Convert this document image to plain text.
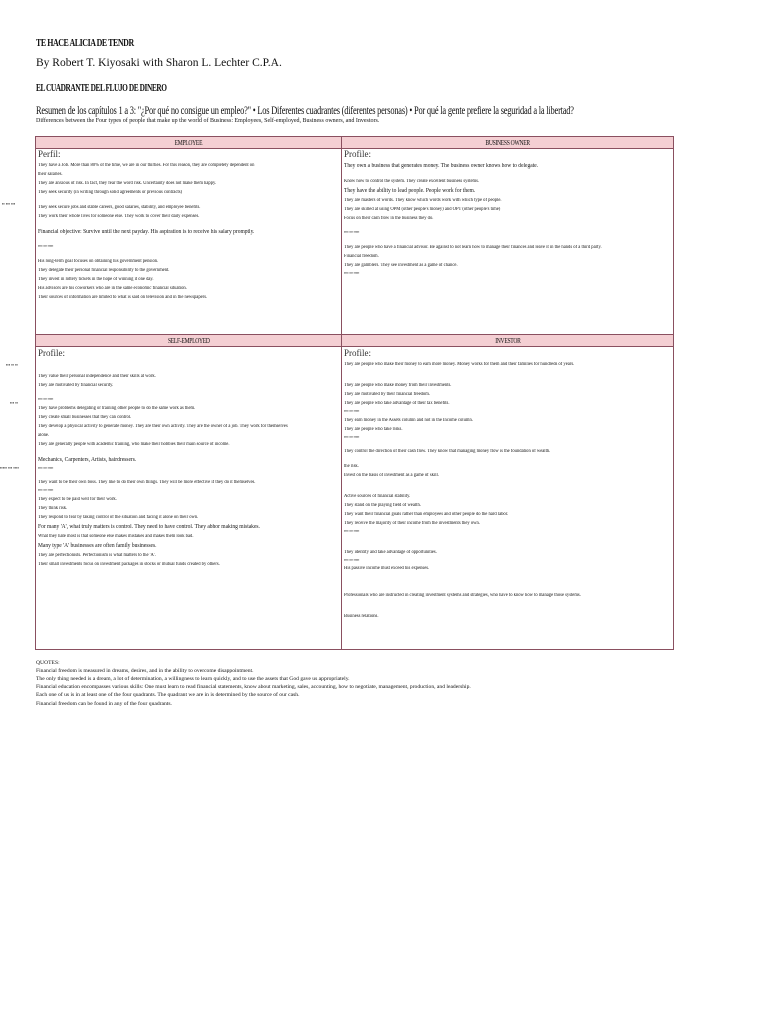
TE HACE ALICIA DE TENDR
By Robert T. Kiyosaki with Sharon L. Lechter C.P.A.
EL CUADRANTE DEL FLUJO DE DINERO
Resumen de los capítulos 1 a 3: "¿Por qué no consigue un empleo?" • Los Diferentes cuadrantes (diferentes personas) • Por qué la gente prefiere la seguridad a la libertad?
Differences between the Four types of people that make up the world of Business: Employees, Self-employed, Business owners, and Investors.
▪▪ ▪▪▪ ▪▪▪
▪▪▪ ▪▪ ▪▪
▪▪▪ ▪▪
▪▪▪▪▪ ▪▪▪ ▪▪▪▪
EMPLOYEE	BUSINESS OWNER
SELF-EMPLOYED	INVESTOR
Perfil:
They have a Job. More than 80% of the time, we are in our thirties. For this reason, they are completely dependent on
their salaries.
They are anxious of risk. In fact, they fear the word risk. Uncertainty does not make them happy.
They seek security (in writing through solid agreements or previous contracts)
They seek secure jobs and stable careers, good salaries, stability, and employee benefits.
They work their whole lives for someone else. They work to cover their daily expenses.
Financial objective: Survive until the next payday. His aspiration is to receive his salary promptly.
▪▪▪▪ ▪▪▪ ▪▪▪▪▪
His long-term goal focuses on obtaining his government pension.
They delegate their personal financial responsibility to the government.
They invest in lottery tickets in the hope of winning it one day.
His advisors are his coworkers who are in the same economic financial situation.
Their sources of information are limited to what is said on television and in the newspapers.
Profile:
They own a business that generates money. The business owner knows how to delegate.
Know how to control the system. They create excellent business systems.
They have the ability to lead people. People work for them.
They are masters of words. They know which words work with which type of people.
They are skilled at using OPM (other people's money) and OPT (other people's time)
Focus on their cash flow in the business they do.
▪▪▪▪ ▪▪▪ ▪▪▪▪▪
They are people who have a financial advisor. Be against to not learn how to manage their finances and leave it in the hands of a third party.
Financial freedom.
They are gamblers. They see investment as a game of chance.
▪▪▪▪ ▪▪▪ ▪▪▪▪▪
Profile:
They value their personal independence and their skills at work.
They are motivated by financial security.
▪▪▪▪ ▪▪▪ ▪▪▪▪▪
They have problems delegating or training other people to do the same work as them.
They create small businesses that they can control.
They develop a physical activity to generate money. They are their own activity. They are the owner of a job. They work for themselves
alone.
They are generally people with academic training, who make their hobbies their main source of income.
Mechanics, Carpenters, Artists, hairdressers.
▪▪▪▪ ▪▪▪ ▪▪▪▪▪
They want to be their own boss. They like to do their own things. They will be more effective if they do it themselves.
▪▪▪▪ ▪▪▪ ▪▪▪▪▪
They expect to be paid well for their work.
They think risk.
They respond to fear by taking control of the situation and facing it alone on their own.
For many 'A', what truly matters is control. They need to have control. They abhor making mistakes.
What they hate most is that someone else makes mistakes and makes them look bad.
Many type 'A' businesses are often family businesses.
They are perfectionists. Perfectionism is what matters to the 'A'.
Their small investments focus on investment packages in stocks or mutual funds created by others.
Profile:
They are people who make their money to earn more money. Money works for them and their families for hundreds of years.
They are people who make money from their investments.
They are motivated by their financial freedom.
They are people who take advantage of their tax benefits.
▪▪▪▪ ▪▪▪ ▪▪▪▪▪
They earn money in the Assets column and not in the Income column.
They are people who take risks.
▪▪▪▪ ▪▪▪ ▪▪▪▪▪
They control the direction of their cash flow. They know that managing money flow is the foundation of wealth.
the risk.
Invest on the basis of investment as a game of skill.
Active sources of financial stability.
They stand on the playing field of wealth.
They want their financial goals rather than employees and other people do the hard labor.
They receive the majority of their income from the investments they own.
▪▪▪▪ ▪▪▪ ▪▪▪▪▪
They identify and take advantage of opportunities.
▪▪▪▪ ▪▪▪ ▪▪▪▪▪
His passive income must exceed his expenses.
Professionals who are instructed in creating investment systems and strategies, who have to know how to manage those systems.
Business relations.
QUOTES:
Financial freedom is measured in dreams, desires, and in the ability to overcome disappointment.
The only thing needed is a dream, a lot of determination, a willingness to learn quickly, and to use the assets that God gave us appropriately.
Financial education encompasses various skills: One must learn to read financial statements, know about marketing, sales, accounting, how to negotiate, management, production, and leadership.
Each one of us is in at least one of the four quadrants. The quadrant we are in is determined by the source of our cash.
Financial freedom can be found in any of the four quadrants.
